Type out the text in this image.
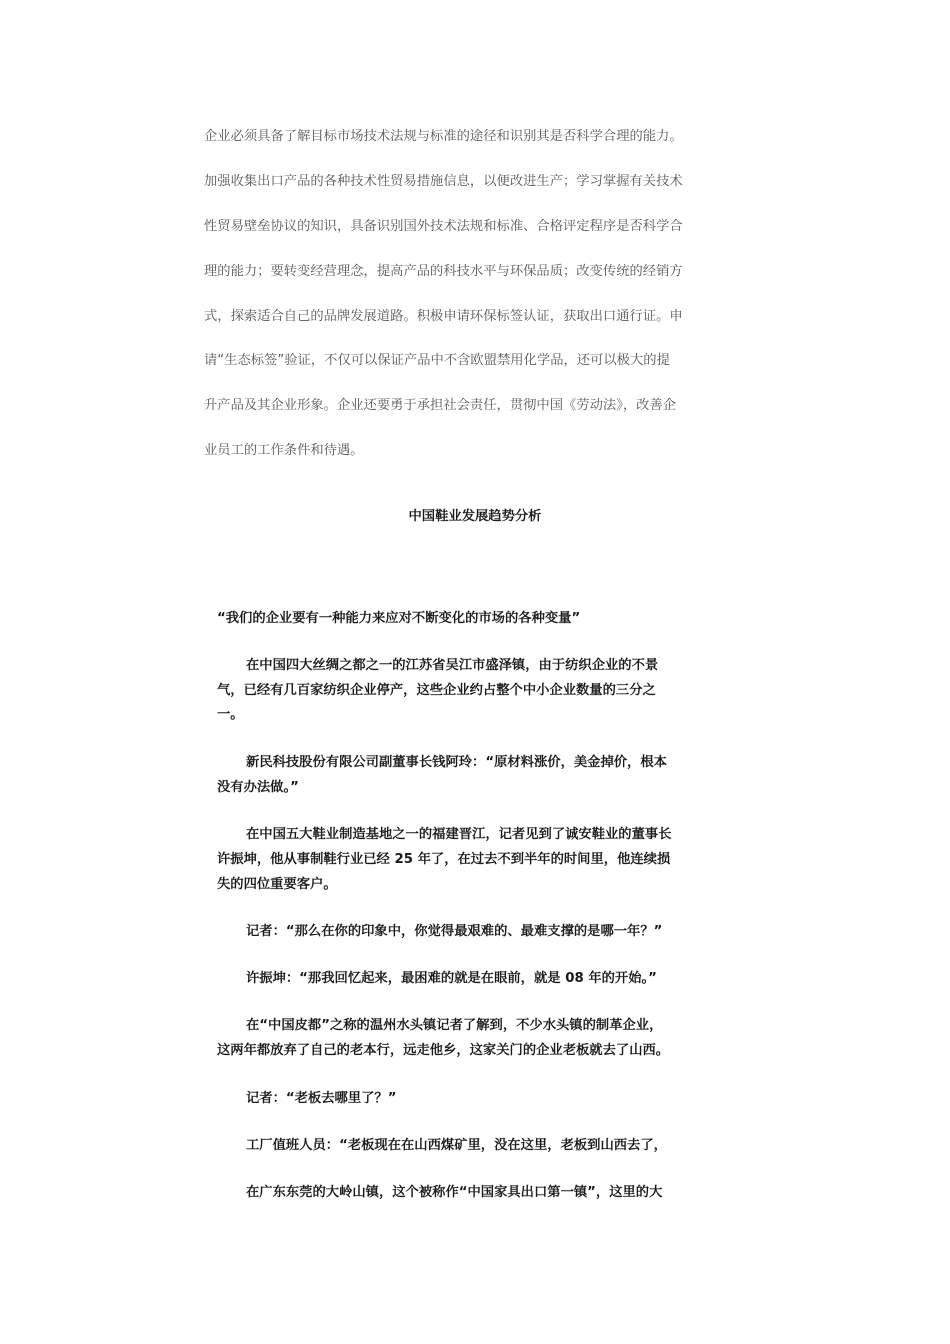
企业必须具备了解目标市场技术法规与标准的途径和识别其是否科学合理的能力。
加强收集出口产品的各种技术性贸易措施信息，以便改进生产；学习掌握有关技术
性贸易壁垒协议的知识，具备识别国外技术法规和标准、合格评定程序是否科学合
理的能力；要转变经营理念，提高产品的科技水平与环保品质；改变传统的经销方
式，探索适合自己的品牌发展道路。积极申请环保标签认证，获取出口通行证。申
请“生态标签”验证，不仅可以保证产品中不含欧盟禁用化学品，还可以极大的提
升产品及其企业形象。企业还要勇于承担社会责任，贯彻中国《劳动法》，改善企
业员工的工作条件和待遇。
中国鞋业发展趋势分析
“我们的企业要有一种能力来应对不断变化的市场的各种变量”
在中国四大丝绸之都之一的江苏省吴江市盛泽镇，由于纺织企业的不景
气，已经有几百家纺织企业停产，这些企业约占整个中小企业数量的三分之
一。
新民科技股份有限公司副董事长钱阿玲：“原材料涨价，美金掉价，根本
没有办法做。”
在中国五大鞋业制造基地之一的福建晋江，记者见到了诚安鞋业的董事长
许振坤，他从事制鞋行业已经 25 年了，在过去不到半年的时间里，他连续损
失的四位重要客户。
记者：“那么在你的印象中，你觉得最艰难的、最难支撑的是哪一年？”
许振坤：“那我回忆起来，最困难的就是在眼前，就是 08 年的开始。”
在“中国皮都”之称的温州水头镇记者了解到，不少水头镇的制革企业，
这两年都放弃了自己的老本行，远走他乡，这家关门的企业老板就去了山西。
记者：“老板去哪里了？”
工厂值班人员：“老板现在在山西煤矿里，没在这里，老板到山西去了，
在广东东莞的大岭山镇，这个被称作“中国家具出口第一镇”，这里的大
